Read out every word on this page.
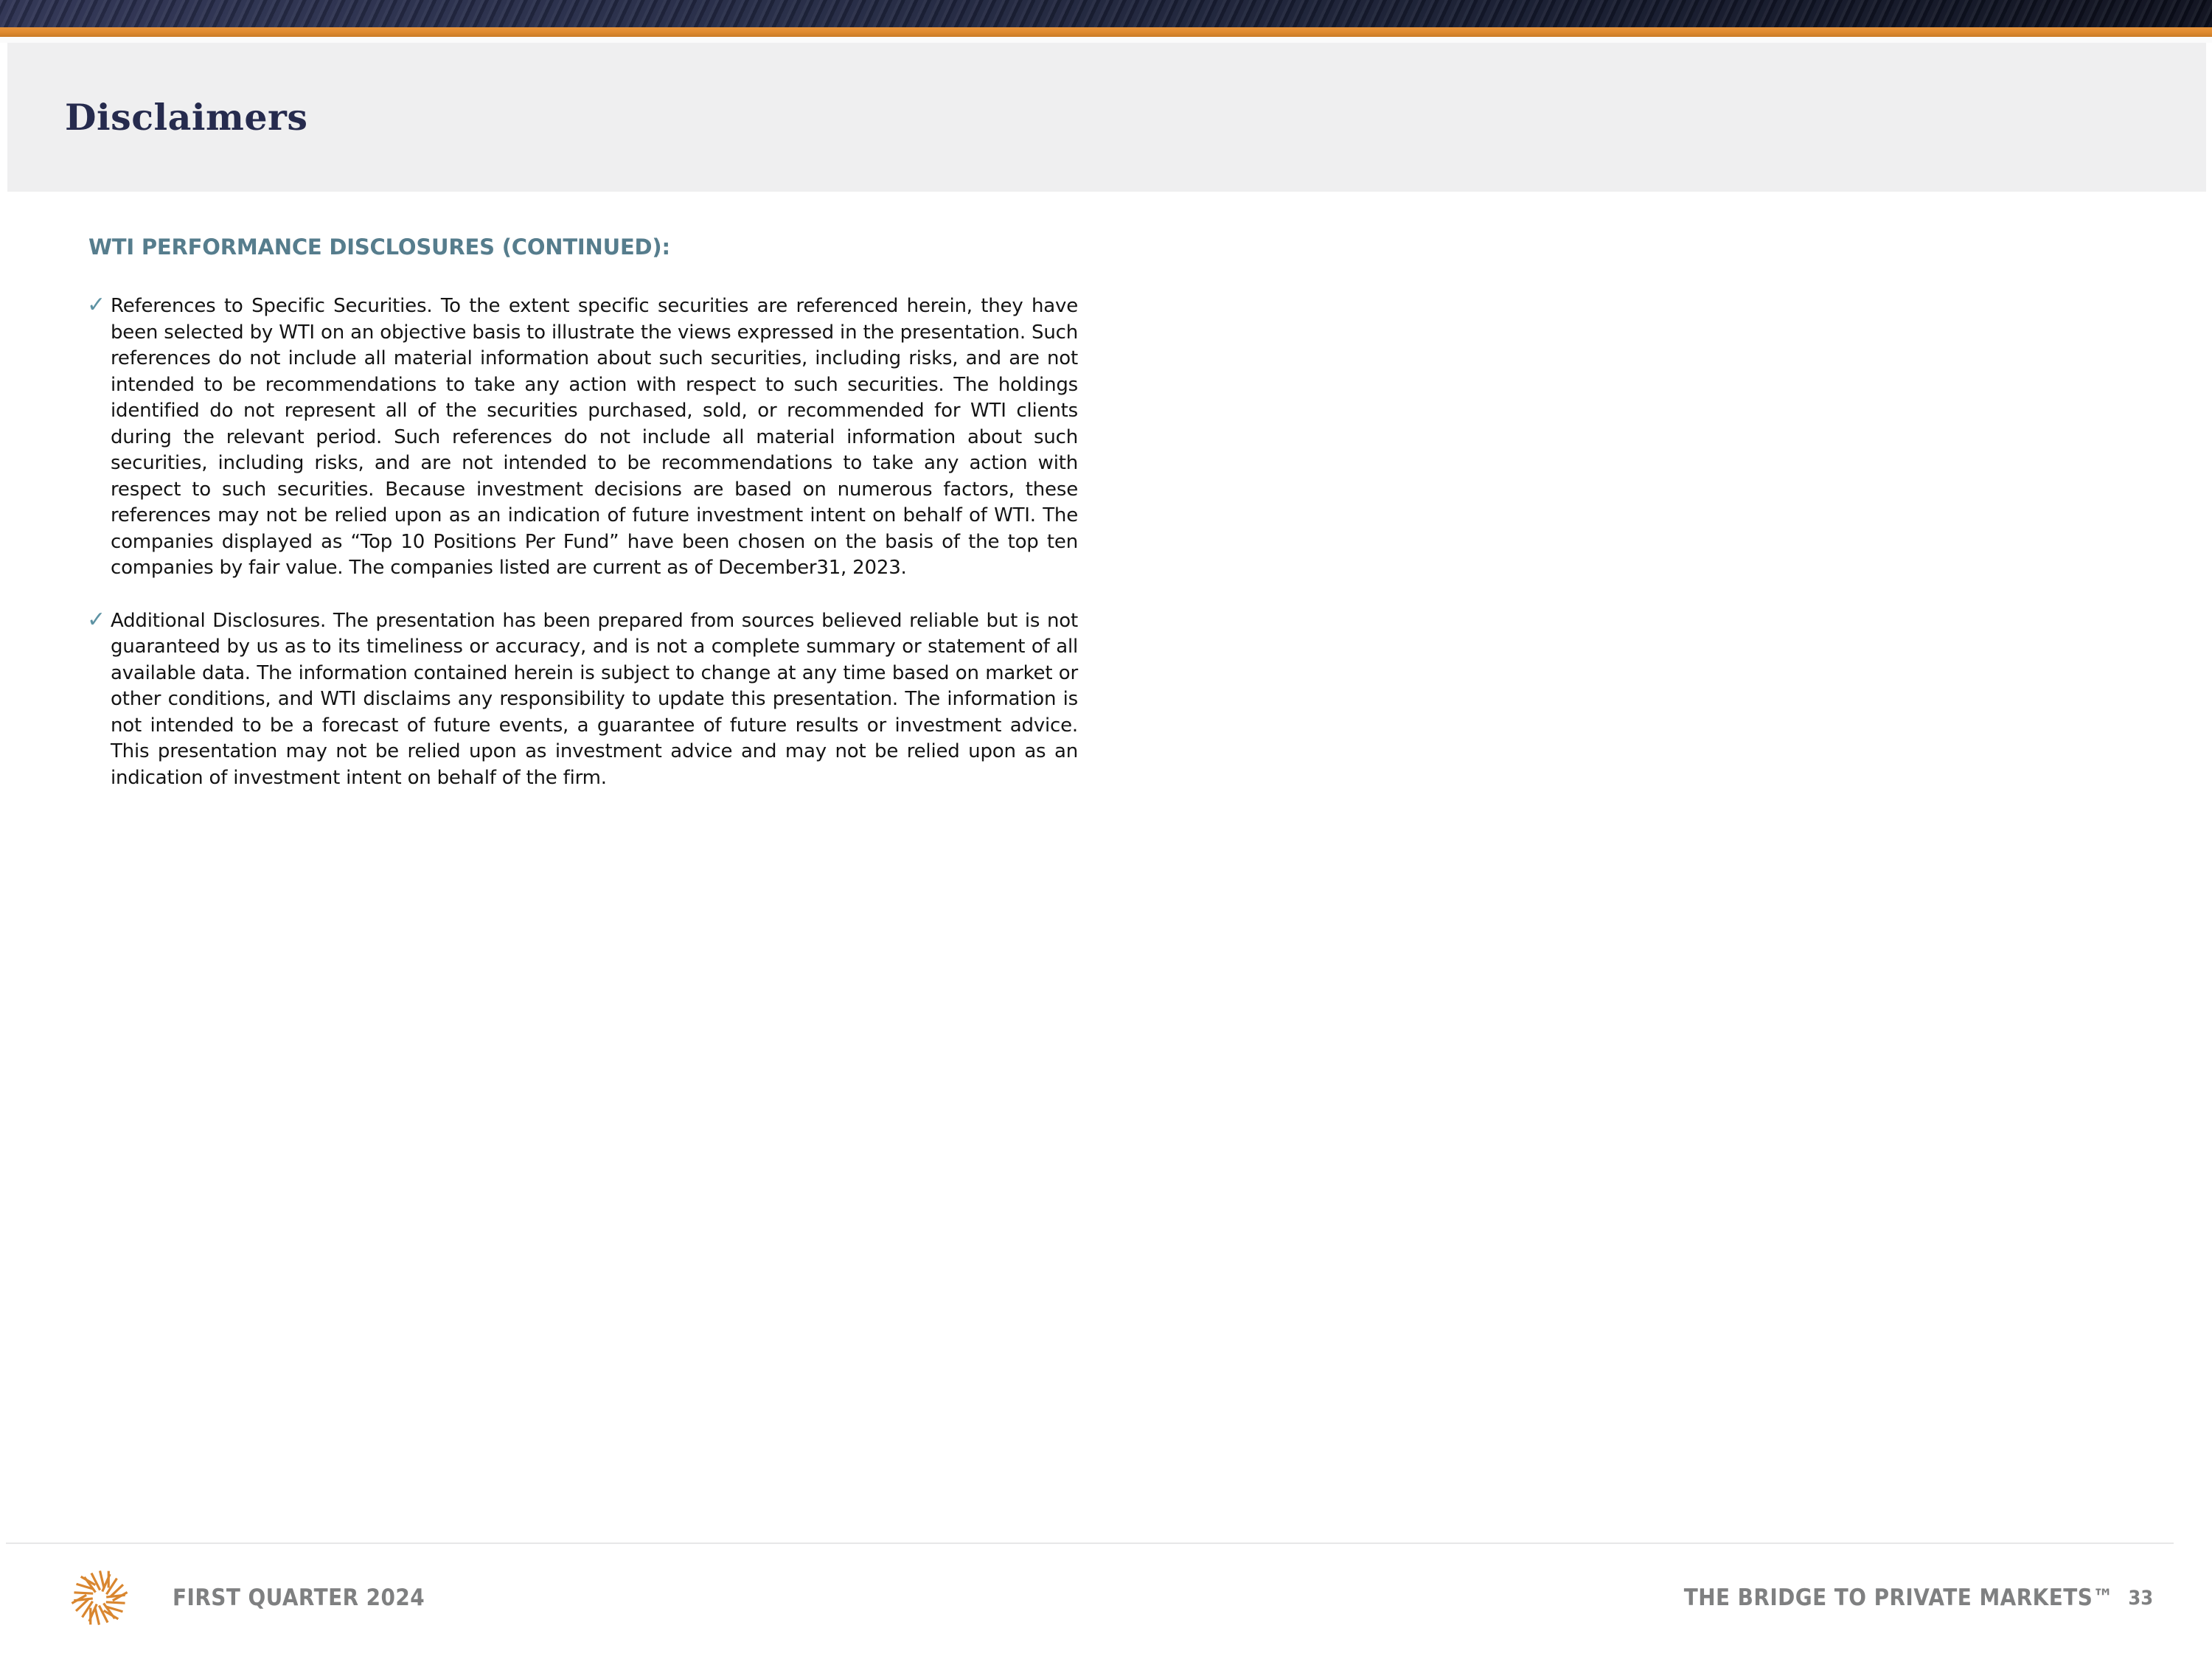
Disclaimers
WTI PERFORMANCE DISCLOSURES (CONTINUED):
✓ References to Specific Securities. To the extent specific securities are referenced herein, they have been selected by WTI on an objective basis to illustrate the views expressed in the presentation. Such references do not include all material information about such securities, including risks, and are not intended to be recommendations to take any action with respect to such securities. The holdings identified do not represent all of the securities purchased, sold, or recommended for WTI clients during the relevant period. Such references do not include all material information about such securities, including risks, and are not intended to be recommendations to take any action with respect to such securities. Because investment decisions are based on numerous factors, these references may not be relied upon as an indication of future investment intent on behalf of WTI. The companies displayed as “Top 10 Positions Per Fund” have been chosen on the basis of the top ten companies by fair value. The companies listed are current as of December31, 2023.
✓ Additional Disclosures. The presentation has been prepared from sources believed reliable but is not guaranteed by us as to its timeliness or accuracy, and is not a complete summary or statement of all available data. The information contained herein is subject to change at any time based on market or other conditions, and WTI disclaims any responsibility to update this presentation. The information is not intended to be a forecast of future events, a guarantee of future results or investment advice. This presentation may not be relied upon as investment advice and may not be relied upon as an indication of investment intent on behalf of the firm.
FIRST QUARTER 2024	THE BRIDGE TO PRIVATE MARKETS™ 33
